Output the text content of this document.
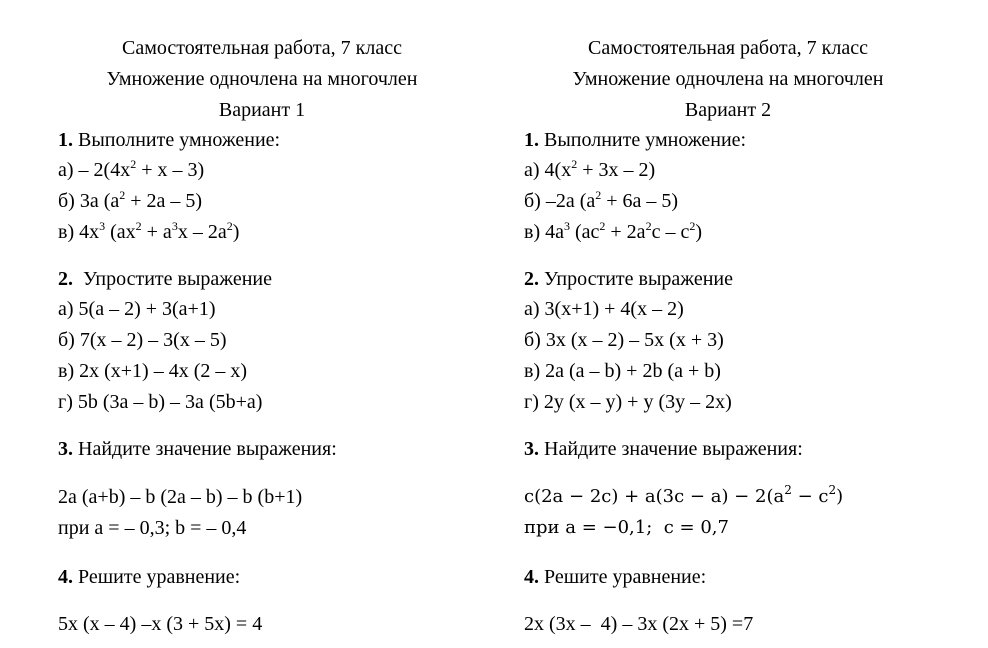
Самостоятельная работа, 7 класс
Умножение одночлена на многочлен
Вариант 1
1. Выполните умножение:
$а) - 2(4x^2 + x - 3)$
б) 3а $(а^2 + 2а - 5)$
в) $4x^3$ $(аx^2 + а^3x - 2а^2)$
2.  Упростите выражение
а) 5(а – 2) + 3(а+1)
б) 7(x – 2) – 3(x – 5)
в) 2x (x+1) – 4x (2 – x)
г) 5b (3а – b) – 3а (5b+а)
3. Найдите значение выражения:
2а (а+b) – b (2а – b) – b (b+1)
при а = – 0,3; b = – 0,4
4. Решите уравнение:
5x (x – 4) –x (3 + 5x) = 4
Самостоятельная работа, 7 класс
Умножение одночлена на многочлен
Вариант 2
1. Выполните умножение:
а) $4(x^2 + 3x - 2)$
б) –2а $(а^2 + 6а - 5)$
в) $4а^3$ $(аc^2 + 2а^2c - c^2)$
2. Упростите выражение
а) 3(x+1) + 4(x – 2)
б) 3x (x – 2) – 5x (x + 3)
в) 2а (а – b) + 2b (а + b)
г) 2у (x – у) + у (3у – 2x)
3. Найдите значение выражения:
$c(2a - 2c) + a(3c - a) - 2(a^2 - c^2)$
при a = −0,1;  c = 0,7
4. Решите уравнение:
2x (3x –  4) – 3x (2x + 5) =7
